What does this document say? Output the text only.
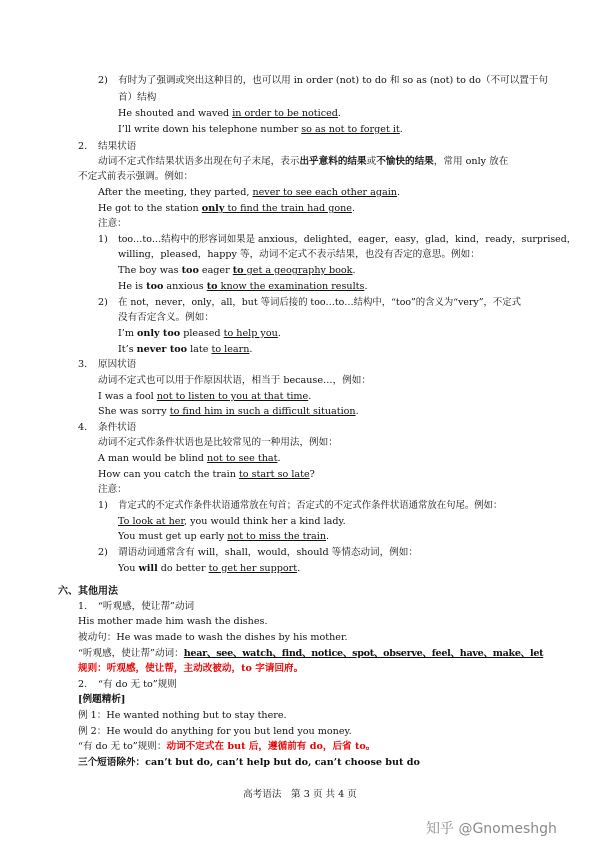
2) 有时为了强调或突出这种目的，也可以用 in order (not) to do 和 so as (not) to do（不可以置于句
首）结构
He shouted and waved in order to be noticed.
I’ll write down his telephone number so as not to forget it.
2. 结果状语
动词不定式作结果状语多出现在句子末尾，表示出乎意料的结果或不愉快的结果，常用 only 放在
不定式前表示强调。例如：
After the meeting, they parted, never to see each other again.
He got to the station only to find the train had gone.
注意：
1) too…to…结构中的形容词如果是 anxious，delighted，eager，easy，glad，kind，ready，surprised，
willing，pleased，happy 等，动词不定式不表示结果，也没有否定的意思。例如：
The boy was too eager to get a geography book.
He is too anxious to know the examination results.
2) 在 not，never，only，all，but 等词后接的 too…to…结构中，“too”的含义为“very”，不定式
没有否定含义。例如：
I’m only too pleased to help you.
It’s never too late to learn.
3. 原因状语
动词不定式也可以用于作原因状语，相当于 because…，例如：
I was a fool not to listen to you at that time.
She was sorry to find him in such a difficult situation.
4. 条件状语
动词不定式作条件状语也是比较常见的一种用法，例如：
A man would be blind not to see that.
How can you catch the train to start so late?
注意：
1) 肯定式的不定式作条件状语通常放在句首；否定式的不定式作条件状语通常放在句尾。例如：
To look at her, you would think her a kind lady.
You must get up early not to miss the train.
2) 谓语动词通常含有 will，shall，would，should 等情态动词，例如：
You will do better to get her support.
六、其他用法
1. “听观感，使让帮”动词
His mother made him wash the dishes.
被动句：He was made to wash the dishes by his mother.
“听观感，使让帮”动词：hear、see、watch、find、notice、spot、observe、feel、have、make、let
规则：听观感，使让帮，主动改被动，to 字请回府。
2. “有 do 无 to”规则
[例题精析]
例 1：He wanted nothing but to stay there.
例 2：He would do anything for you but lend you money.
“有 do 无 to”规则：动词不定式在 but 后，遵循前有 do，后省 to。
三个短语除外：can’t but do, can’t help but do, can’t choose but do
高考语法　第 3 页 共 4 页
知乎 @Gnomeshgh
